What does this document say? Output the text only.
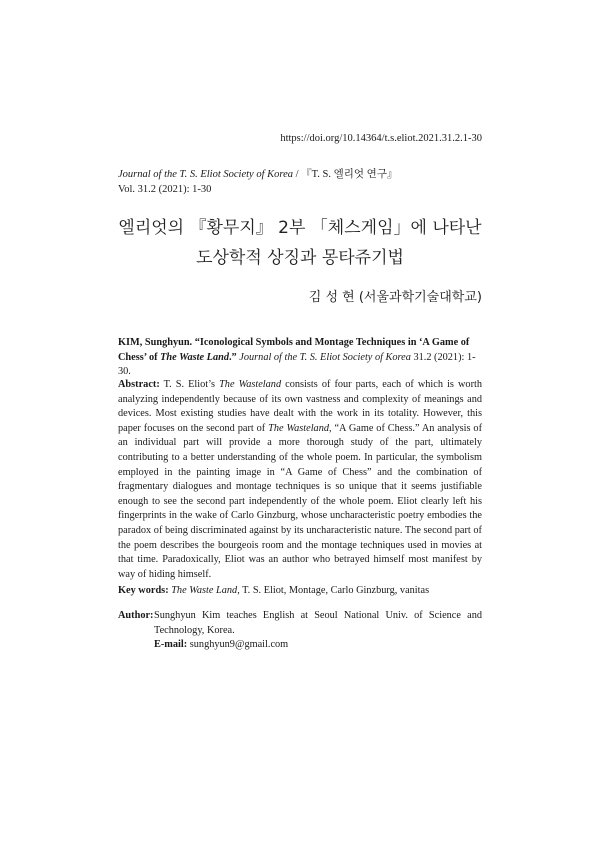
https://doi.org/10.14364/t.s.eliot.2021.31.2.1-30
Journal of the T. S. Eliot Society of Korea / 『T. S. 엘리엇 연구』
Vol. 31.2 (2021): 1-30
엘리엇의 『황무지』 2부 「체스게임」에 나타난
도상학적 상징과 몽타쥬기법
김 성 현 (서울과학기술대학교)
KIM, Sunghyun. “Iconological Symbols and Montage Techniques in ‘A Game of Chess’ of The Waste Land.” Journal of the T. S. Eliot Society of Korea 31.2 (2021): 1-30.
Abstract: T. S. Eliot’s The Wasteland consists of four parts, each of which is worth analyzing independently because of its own vastness and complexity of meanings and devices. Most existing studies have dealt with the work in its totality. However, this paper focuses on the second part of The Wasteland, “A Game of Chess.” An analysis of an individual part will provide a more thorough study of the part, ultimately contributing to a better understanding of the whole poem. In particular, the symbolism employed in the painting image in “A Game of Chess” and the combination of fragmentary dialogues and montage techniques is so unique that it seems justifiable enough to see the second part independently of the whole poem. Eliot clearly left his fingerprints in the wake of Carlo Ginzburg, whose uncharacteristic poetry embodies the paradox of being discriminated against by its uncharacteristic nature. The second part of the poem describes the bourgeois room and the montage techniques used in movies at that time. Paradoxically, Eliot was an author who betrayed himself most manifest by way of hiding himself.
Key words: The Waste Land, T. S. Eliot, Montage, Carlo Ginzburg, vanitas
Author: Sunghyun Kim teaches English at Seoul National Univ. of Science and Technology, Korea.
E-mail: sunghyun9@gmail.com
